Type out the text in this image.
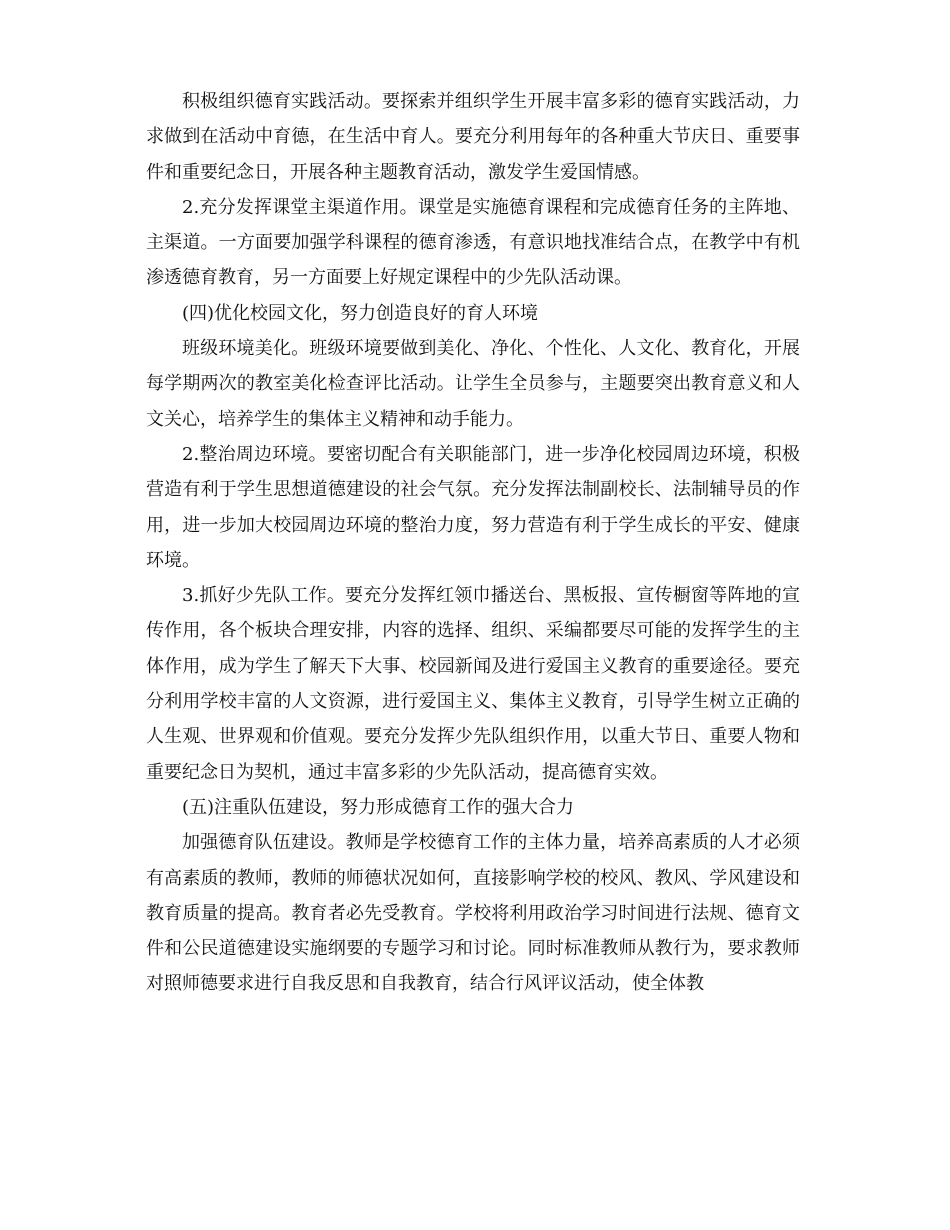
积极组织德育实践活动。要探索并组织学生开展丰富多彩的德育实践活动，力求做到在活动中育德，在生活中育人。要充分利用每年的各种重大节庆日、重要事件和重要纪念日，开展各种主题教育活动，激发学生爱国情感。

2.充分发挥课堂主渠道作用。课堂是实施德育课程和完成德育任务的主阵地、主渠道。一方面要加强学科课程的德育渗透，有意识地找准结合点，在教学中有机渗透德育教育，另一方面要上好规定课程中的少先队活动课。

(四)优化校园文化，努力创造良好的育人环境

班级环境美化。班级环境要做到美化、净化、个性化、人文化、教育化，开展每学期两次的教室美化检查评比活动。让学生全员参与，主题要突出教育意义和人文关心，培养学生的集体主义精神和动手能力。

2.整治周边环境。要密切配合有关职能部门，进一步净化校园周边环境，积极营造有利于学生思想道德建设的社会气氛。充分发挥法制副校长、法制辅导员的作用，进一步加大校园周边环境的整治力度，努力营造有利于学生成长的平安、健康环境。

3.抓好少先队工作。要充分发挥红领巾播送台、黑板报、宣传橱窗等阵地的宣传作用，各个板块合理安排，内容的选择、组织、采编都要尽可能的发挥学生的主体作用，成为学生了解天下大事、校园新闻及进行爱国主义教育的重要途径。要充分利用学校丰富的人文资源，进行爱国主义、集体主义教育，引导学生树立正确的人生观、世界观和价值观。要充分发挥少先队组织作用，以重大节日、重要人物和重要纪念日为契机，通过丰富多彩的少先队活动，提高德育实效。

(五)注重队伍建设，努力形成德育工作的强大合力

加强德育队伍建设。教师是学校德育工作的主体力量，培养高素质的人才必须有高素质的教师，教师的师德状况如何，直接影响学校的校风、教风、学风建设和教育质量的提高。教育者必先受教育。学校将利用政治学习时间进行法规、德育文件和公民道德建设实施纲要的专题学习和讨论。同时标准教师从教行为，要求教师对照师德要求进行自我反思和自我教育，结合行风评议活动，使全体教
